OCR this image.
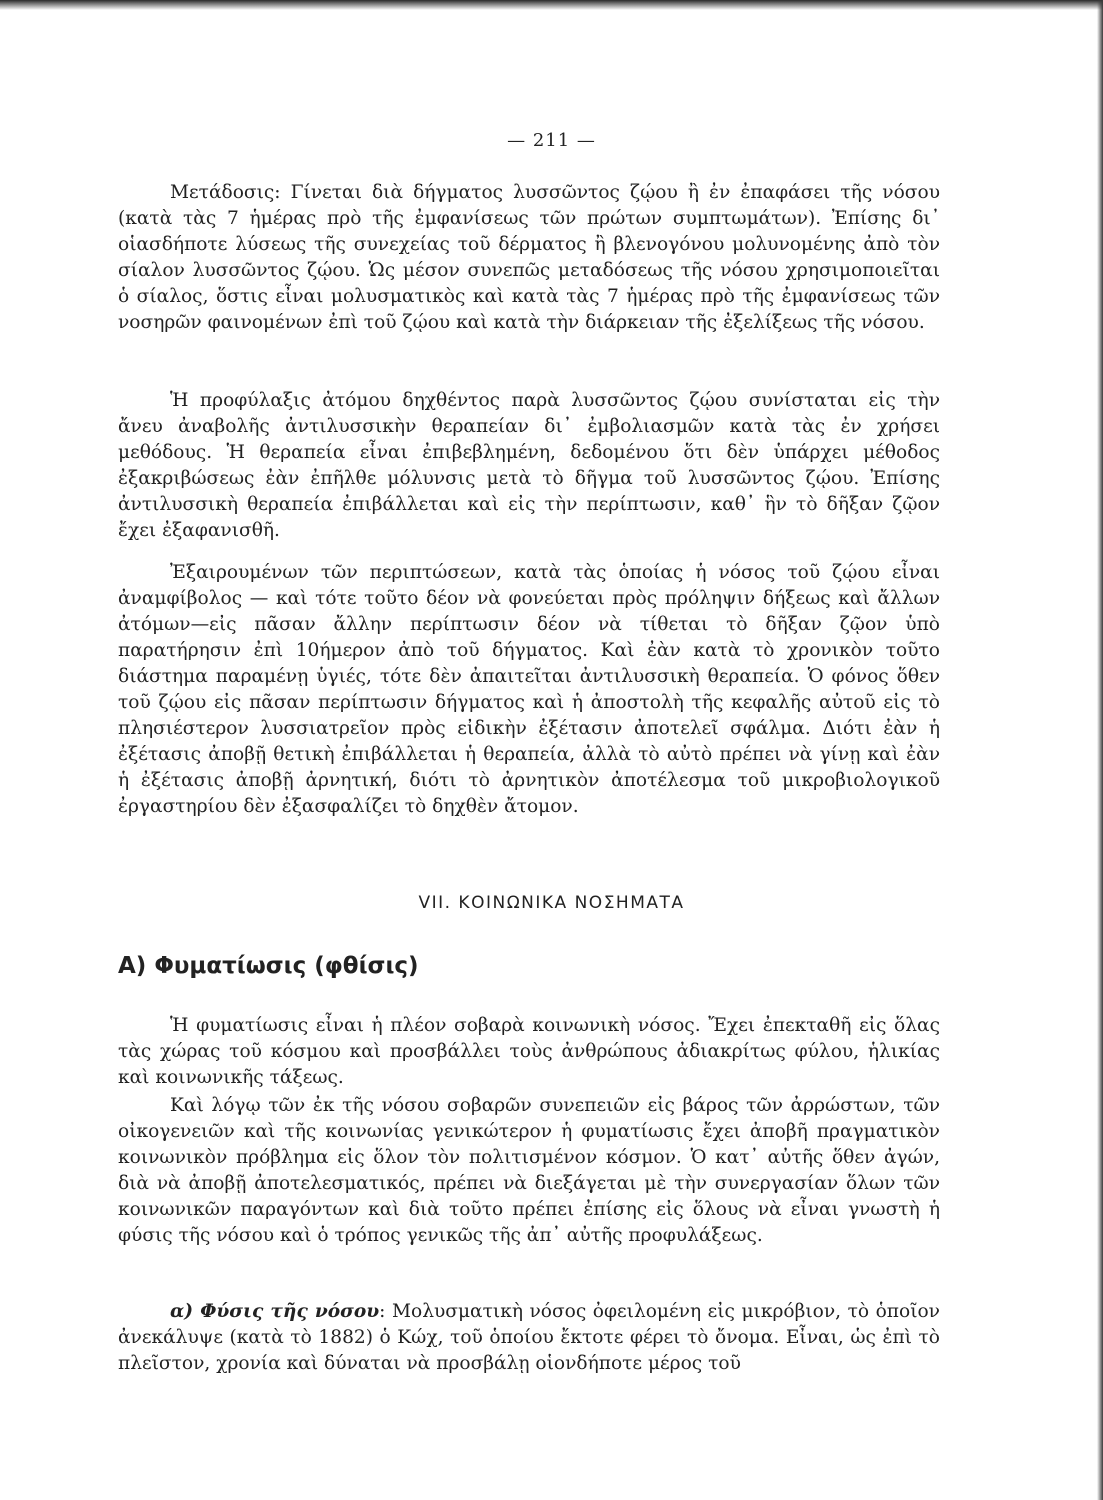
— 211 —

Μετάδοσις: Γίνεται διὰ δήγματος λυσσῶντος ζῴου ἢ ἐν ἐπαφάσει τῆς νόσου (κατὰ τὰς 7 ἡμέρας πρὸ τῆς ἐμφανίσεως τῶν πρώτων συμπτωμάτων). Ἐπίσης δι᾽ οἱασδήποτε λύσεως τῆς συνεχείας τοῦ δέρματος ἢ βλενογόνου μολυνομένης ἀπὸ τὸν σίαλον λυσσῶντος ζῴου. Ὡς μέσον συνεπῶς μεταδόσεως τῆς νόσου χρησιμοποιεῖται ὁ σίαλος, ὅστις εἶναι μολυσματικὸς καὶ κατὰ τὰς 7 ἡμέρας πρὸ τῆς ἐμφανίσεως τῶν νοσηρῶν φαινομένων ἐπὶ τοῦ ζῴου καὶ κατὰ τὴν διάρκειαν τῆς ἐξελίξεως τῆς νόσου.

Ἡ προφύλαξις ἀτόμου δηχθέντος παρὰ λυσσῶντος ζῴου συνίσταται εἰς τὴν ἄνευ ἀναβολῆς ἀντιλυσσικὴν θεραπείαν δι᾽ ἐμβολιασμῶν κατὰ τὰς ἐν χρήσει μεθόδους. Ἡ θεραπεία εἶναι ἐπιβεβλημένη, δεδομένου ὅτι δὲν ὑπάρχει μέθοδος ἐξακριβώσεως ἐὰν ἐπῆλθε μόλυνσις μετὰ τὸ δῆγμα τοῦ λυσσῶντος ζῴου. Ἐπίσης ἀντιλυσσικὴ θεραπεία ἐπιβάλλεται καὶ εἰς τὴν περίπτωσιν, καθ᾽ ἣν τὸ δῆξαν ζῷον ἔχει ἐξαφανισθῆ.

Ἐξαιρουμένων τῶν περιπτώσεων, κατὰ τὰς ὁποίας ἡ νόσος τοῦ ζῴου εἶναι ἀναμφίβολος — καὶ τότε τοῦτο δέον νὰ φονεύεται πρὸς πρόληψιν δήξεως καὶ ἄλλων ἀτόμων—εἰς πᾶσαν ἄλλην περίπτωσιν δέον νὰ τίθεται τὸ δῆξαν ζῷον ὑπὸ παρατήρησιν ἐπὶ 10ήμερον ἀπὸ τοῦ δήγματος. Καὶ ἐὰν κατὰ τὸ χρονικὸν τοῦτο διάστημα παραμένῃ ὑγιές, τότε δὲν ἀπαιτεῖται ἀντιλυσσικὴ θεραπεία. Ὁ φόνος ὅθεν τοῦ ζῴου εἰς πᾶσαν περίπτωσιν δήγματος καὶ ἡ ἀποστολὴ τῆς κεφαλῆς αὐτοῦ εἰς τὸ πλησιέστερον λυσσιατρεῖον πρὸς εἰδικὴν ἐξέτασιν ἀποτελεῖ σφάλμα. Διότι ἐὰν ἡ ἐξέτασις ἀποβῇ θετικὴ ἐπιβάλλεται ἡ θεραπεία, ἀλλὰ τὸ αὐτὸ πρέπει νὰ γίνῃ καὶ ἐὰν ἡ ἐξέτασις ἀποβῇ ἀρνητική, διότι τὸ ἀρνητικὸν ἀποτέλεσμα τοῦ μικροβιολογικοῦ ἐργαστηρίου δὲν ἐξασφαλίζει τὸ δηχθὲν ἄτομον.

VII. ΚΟΙΝΩΝΙΚΑ ΝΟΣΗΜΑΤΑ
Α) Φυματίωσις (φθίσις)

Ἡ φυματίωσις εἶναι ἡ πλέον σοβαρὰ κοινωνικὴ νόσος. Ἔχει ἐπεκταθῆ εἰς ὅλας τὰς χώρας τοῦ κόσμου καὶ προσβάλλει τοὺς ἀνθρώπους ἀδιακρίτως φύλου, ἡλικίας καὶ κοινωνικῆς τάξεως.

Καὶ λόγῳ τῶν ἐκ τῆς νόσου σοβαρῶν συνεπειῶν εἰς βάρος τῶν ἀρρώστων, τῶν οἰκογενειῶν καὶ τῆς κοινωνίας γενικώτερον ἡ φυματίωσις ἔχει ἀποβῆ πραγματικὸν κοινωνικὸν πρόβλημα εἰς ὅλον τὸν πολιτισμένον κόσμον. Ὁ κατ᾽ αὐτῆς ὅθεν ἀγών, διὰ νὰ ἀποβῇ ἀποτελεσματικός, πρέπει νὰ διεξάγεται μὲ τὴν συνεργασίαν ὅλων τῶν κοινωνικῶν παραγόντων καὶ διὰ τοῦτο πρέπει ἐπίσης εἰς ὅλους νὰ εἶναι γνωστὴ ἡ φύσις τῆς νόσου καὶ ὁ τρόπος γενικῶς τῆς ἀπ᾽ αὐτῆς προφυλάξεως.

α) Φύσις τῆς νόσου: Μολυσματικὴ νόσος ὀφειλομένη εἰς μικρόβιον, τὸ ὁποῖον ἀνεκάλυψε (κατὰ τὸ 1882) ὁ Κώχ, τοῦ ὁποίου ἔκτοτε φέρει τὸ ὄνομα. Εἶναι, ὡς ἐπὶ τὸ πλεῖστον, χρονία καὶ δύναται νὰ προσβάλῃ οἱονδήποτε μέρος τοῦ
